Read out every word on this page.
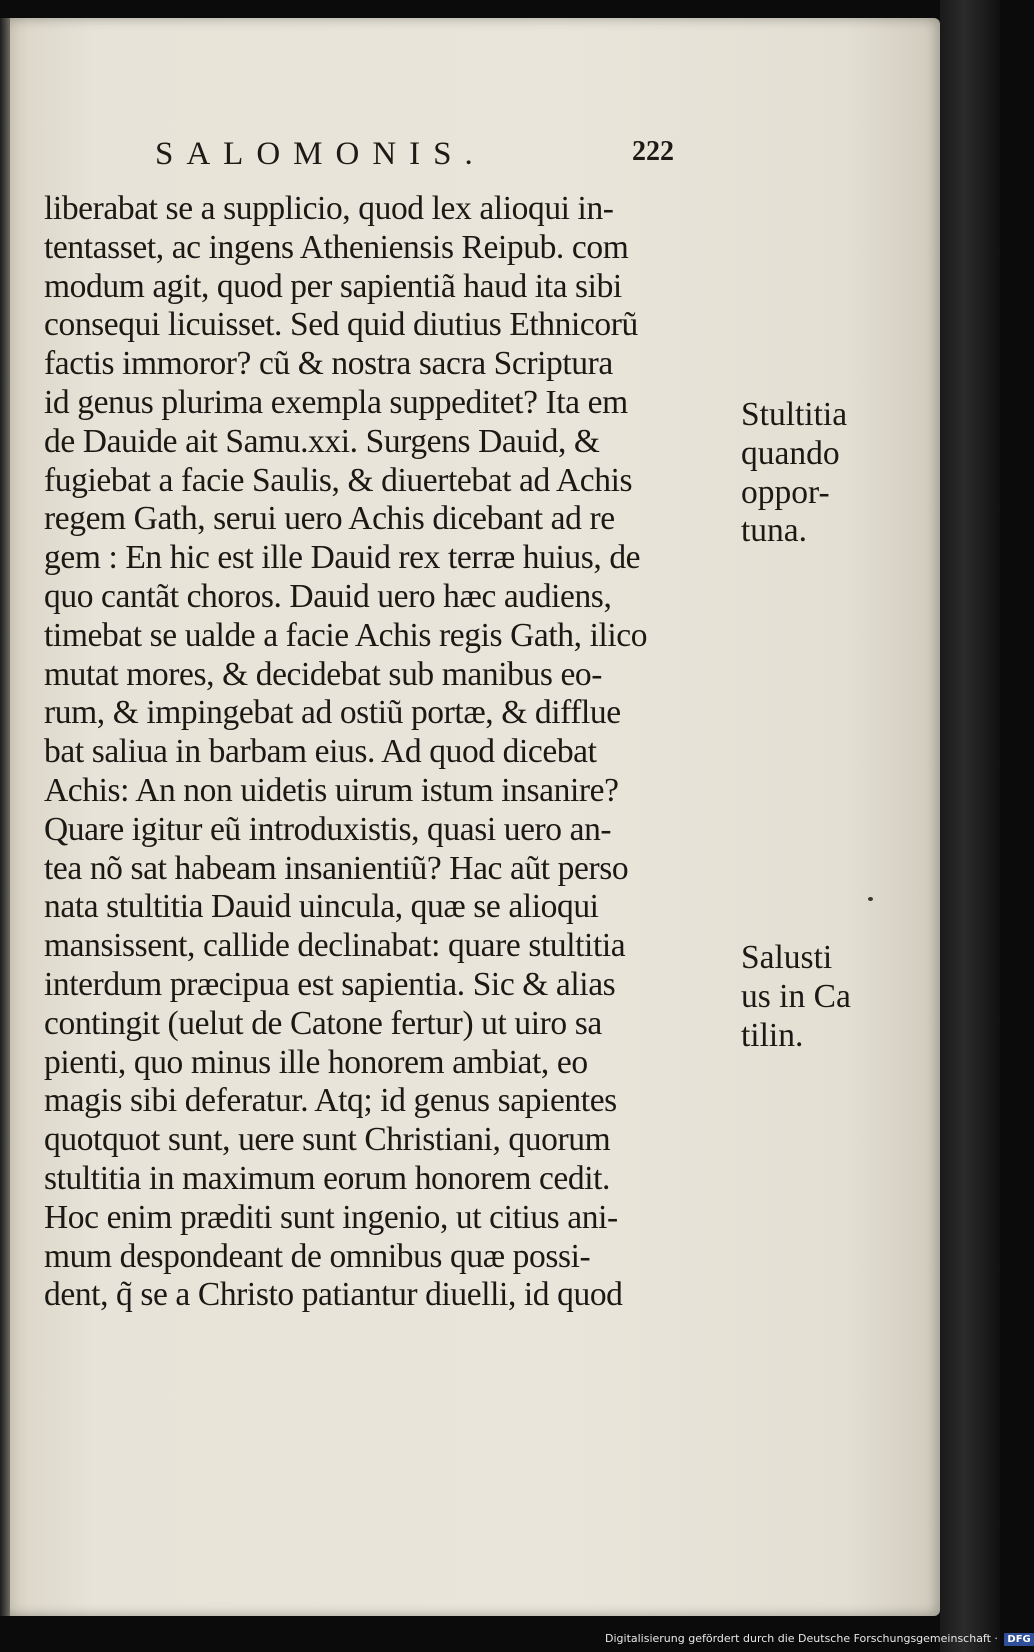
SALOMONIS.	222
liberabat se a supplicio, quod lex alioqui in-
tentasset, ac ingens Atheniensis Reipub. com
modum agit, quod per sapientiã haud ita sibi
consequi licuisset. Sed quid diutius Ethnicorũ
factis immoror? cũ & nostra sacra Scriptura
id genus plurima exempla suppeditet? Ita em
de Dauide ait Samu.xxi. Surgens Dauid, &
fugiebat a facie Saulis, & diuertebat ad Achis
regem Gath, serui uero Achis dicebant ad re
gem : En hic est ille Dauid rex terræ huius, de
quo cantãt choros. Dauid uero hæc audiens,
timebat se ualde a facie Achis regis Gath, ilico
mutat mores, & decidebat sub manibus eo-
rum, & impingebat ad ostiũ portæ, & difflue
bat saliua in barbam eius. Ad quod dicebat
Achis: An non uidetis uirum istum insanire?
Quare igitur eũ introduxistis, quasi uero an-
tea nõ sat habeam insanientiũ? Hac aũt perso
nata stultitia Dauid uincula, quæ se alioqui
mansissent, callide declinabat: quare stultitia
interdum præcipua est sapientia. Sic & alias
contingit (uelut de Catone fertur) ut uiro sa
pienti, quo minus ille honorem ambiat, eo
magis sibi deferatur. Atq; id genus sapientes
quotquot sunt, uere sunt Christiani, quorum
stultitia in maximum eorum honorem cedit.
Hoc enim præditi sunt ingenio, ut citius ani-
mum despondeant de omnibus quæ possi-
dent, q̃ se a Christo patiantur diuelli, id quod
Stultitia
quando
oppor-
tuna.
Salusti
us in Ca
tilin.
Digitalisierung gefördert durch die Deutsche Forschungsgemeinschaft · DFG
